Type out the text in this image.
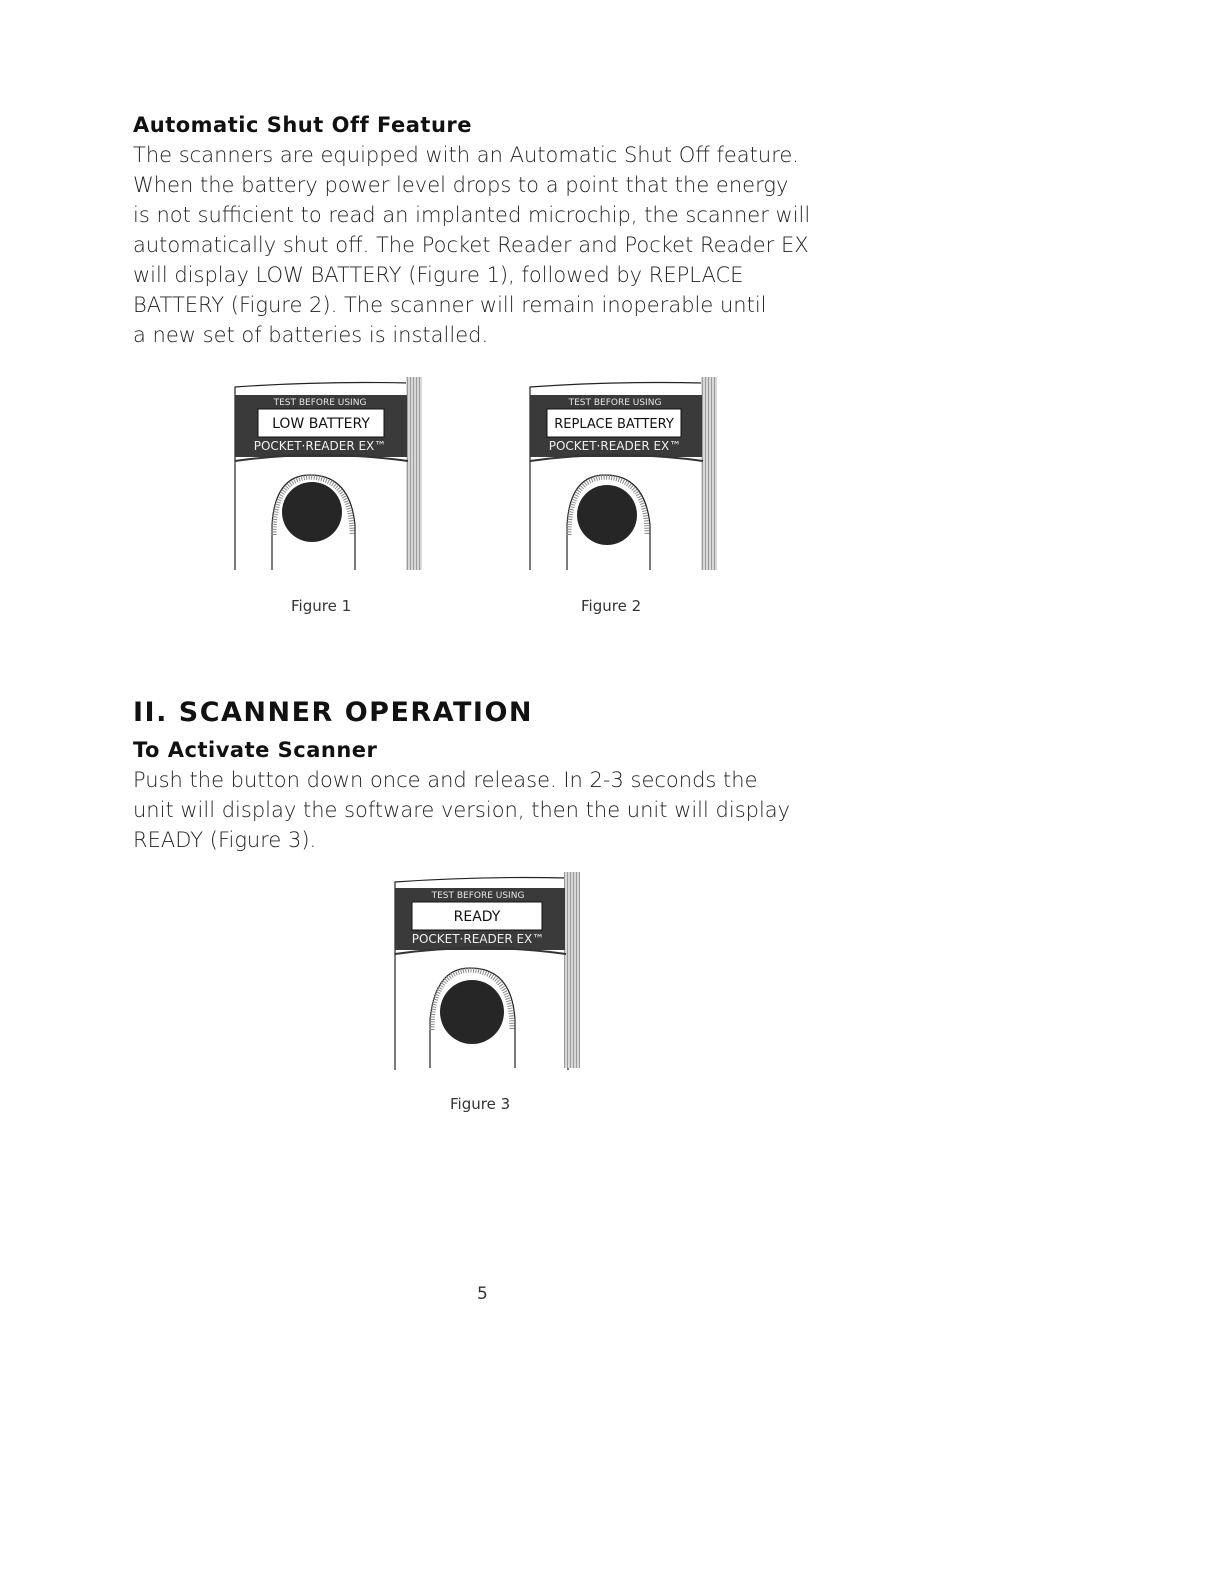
Automatic Shut Off Feature

The scanners are equipped with an Automatic Shut Off feature.
When the battery power level drops to a point that the energy
is not sufficient to read an implanted microchip, the scanner will
automatically shut off. The Pocket Reader and Pocket Reader EX
will display LOW BATTERY (Figure 1), followed by REPLACE
BATTERY (Figure 2). The scanner will remain inoperable until
a new set of batteries is installed.

TEST BEFORE USING
LOW BATTERY
POCKET·READER EX™
Figure 1
TEST BEFORE USING
REPLACE BATTERY
POCKET·READER EX™
Figure 2
II. SCANNER OPERATION
To Activate Scanner

Push the button down once and release. In 2-3 seconds the
unit will display the software version, then the unit will display
READY (Figure 3).

TEST BEFORE USING
READY
POCKET·READER EX™
Figure 3
5
